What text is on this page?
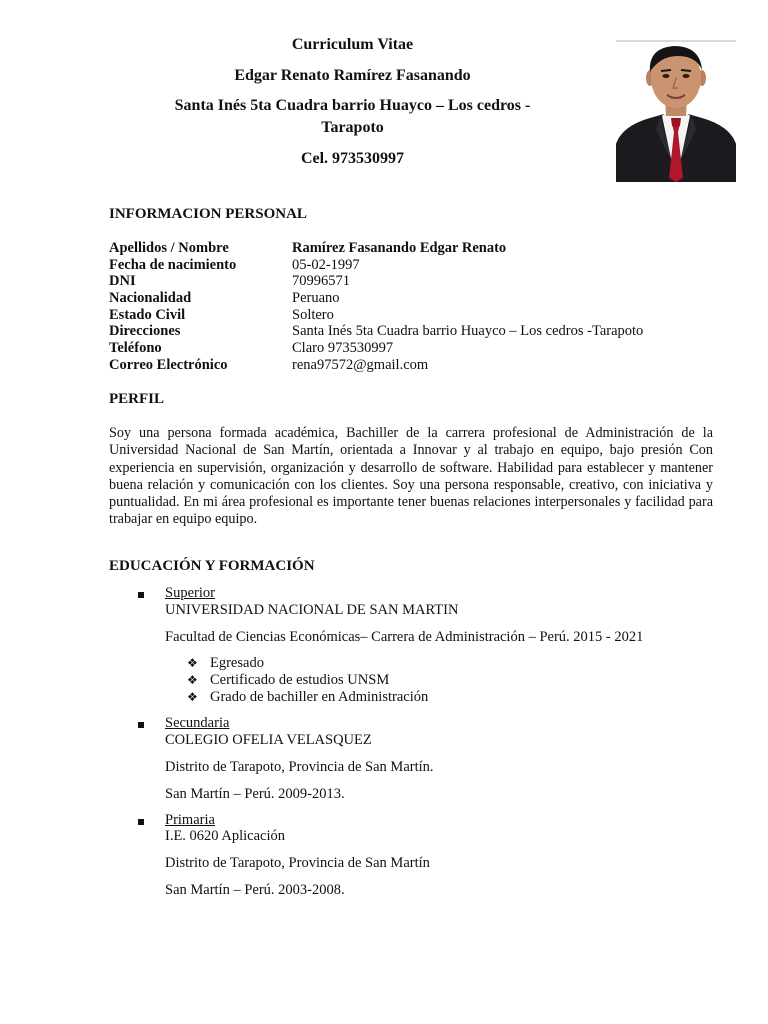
Curriculum Vitae
Edgar Renato Ramírez Fasanando
Santa Inés 5ta Cuadra barrio Huayco – Los cedros -
Tarapoto
Cel. 973530997
INFORMACION PERSONAL
Apellidos / Nombre	Ramírez Fasanando Edgar Renato
Fecha de nacimiento	05-02-1997
DNI	70996571
Nacionalidad	Peruano
Estado Civil	Soltero
Direcciones	Santa Inés 5ta Cuadra barrio Huayco – Los cedros -Tarapoto
Teléfono	Claro 973530997
Correo Electrónico	rena97572@gmail.com
PERFIL
Soy una persona formada académica, Bachiller de la carrera profesional de Administración de la Universidad Nacional de San Martín, orientada a Innovar y al trabajo en equipo, bajo presión Con experiencia en supervisión, organización y desarrollo de software. Habilidad para establecer y mantener buena relación y comunicación con los clientes. Soy una persona responsable, creativo, con iniciativa y puntualidad. En mi área profesional es importante tener buenas relaciones interpersonales y facilidad para trabajar en equipo equipo.
EDUCACIÓN Y FORMACIÓN
Superior
UNIVERSIDAD NACIONAL DE SAN MARTIN
Facultad de Ciencias Económicas– Carrera de Administración – Perú. 2015 - 2021
❖ Egresado
❖ Certificado de estudios UNSM
❖ Grado de bachiller en Administración
Secundaria
COLEGIO OFELIA VELASQUEZ
Distrito de Tarapoto, Provincia de San Martín.
San Martín – Perú. 2009-2013.
Primaria
I.E. 0620 Aplicación
Distrito de Tarapoto, Provincia de San Martín
San Martín – Perú. 2003-2008.
